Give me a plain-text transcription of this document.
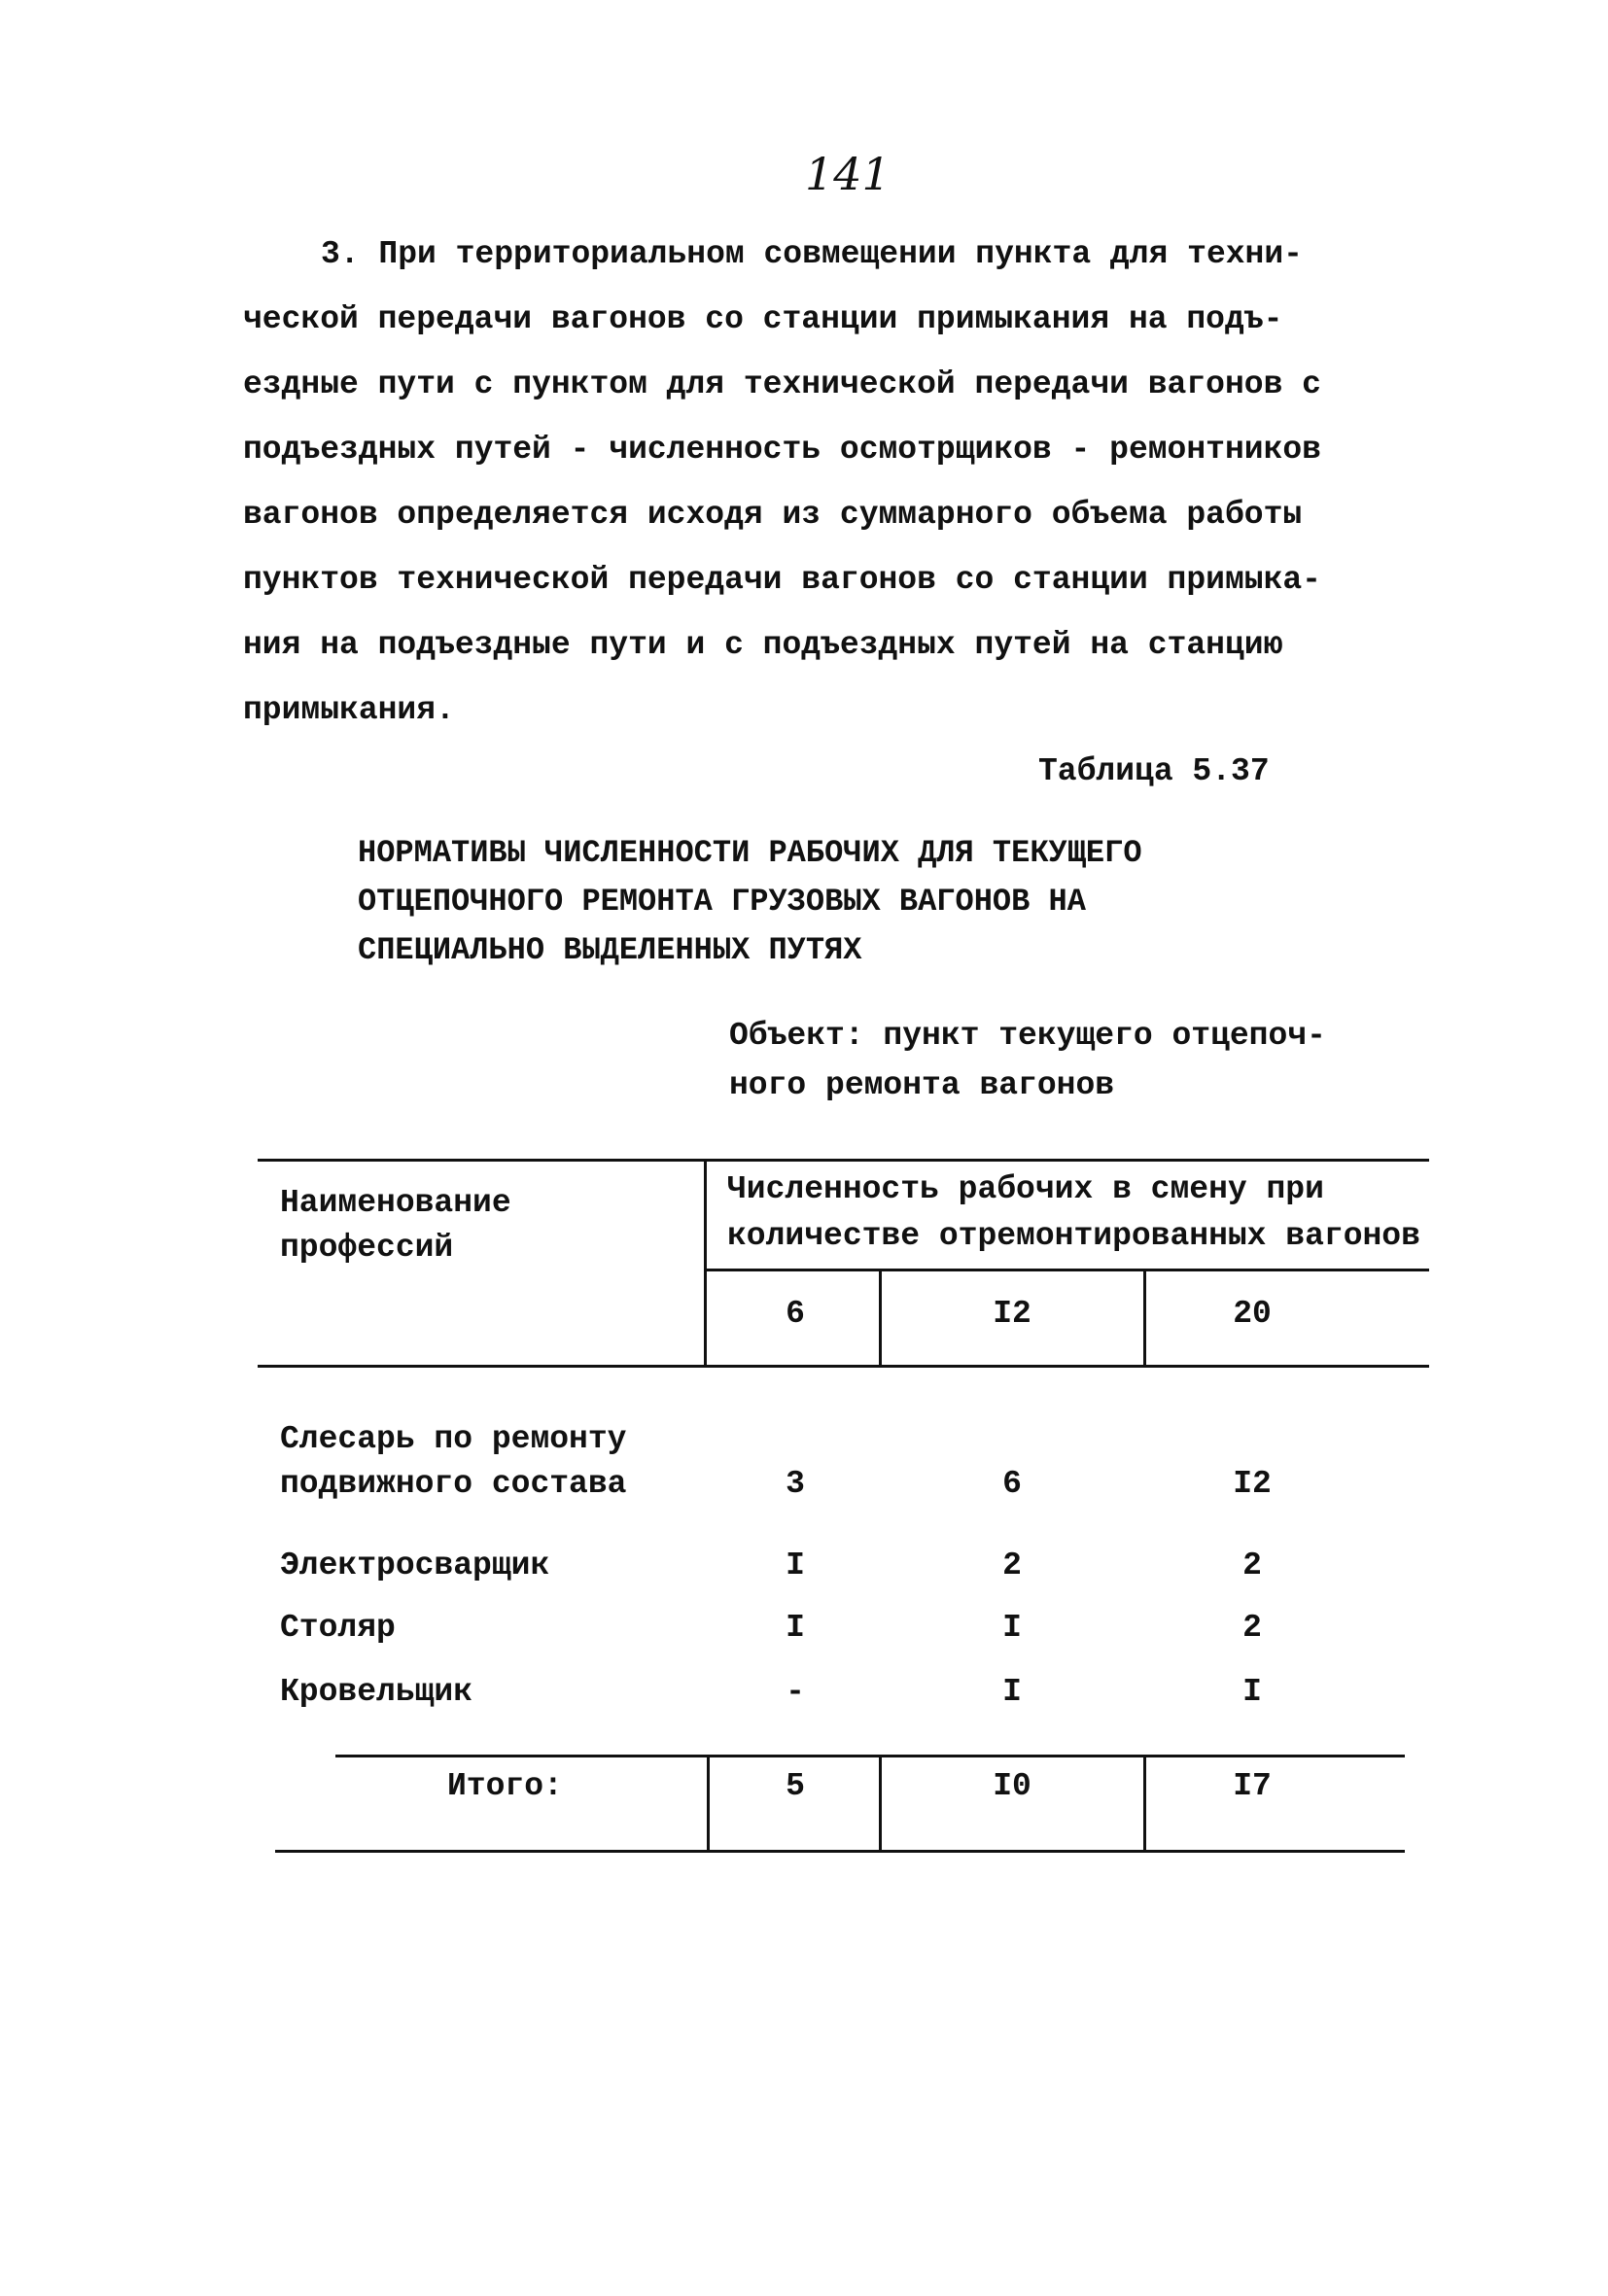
141
3. При территориальном совмещении пункта для техни-
ческой передачи вагонов со станции примыкания на подъ-
ездные пути с пунктом для технической передачи вагонов с
подъездных путей - численность осмотрщиков - ремонтников
вагонов определяется исходя из суммарного объема работы
пунктов технической передачи вагонов со станции примыка-
ния на подъездные пути и с подъездных путей на станцию
примыкания.
Таблица 5.37
НОРМАТИВЫ ЧИСЛЕННОСТИ РАБОЧИХ ДЛЯ ТЕКУЩЕГО
ОТЦЕПОЧНОГО РЕМОНТА ГРУЗОВЫХ ВАГОНОВ НА
СПЕЦИАЛЬНО ВЫДЕЛЕННЫХ ПУТЯХ
Объект: пункт текущего отцепоч-
ного ремонта вагонов
Наименование
профессий
Численность рабочих в смену при
количестве отремонтированных вагонов
6	I2	20
Слесарь по ремонту
подвижного состава	3	6	I2
Электросварщик	I	2	2
Столяр	I	I	2
Кровельщик	-	I	I
Итого:	5	I0	I7
